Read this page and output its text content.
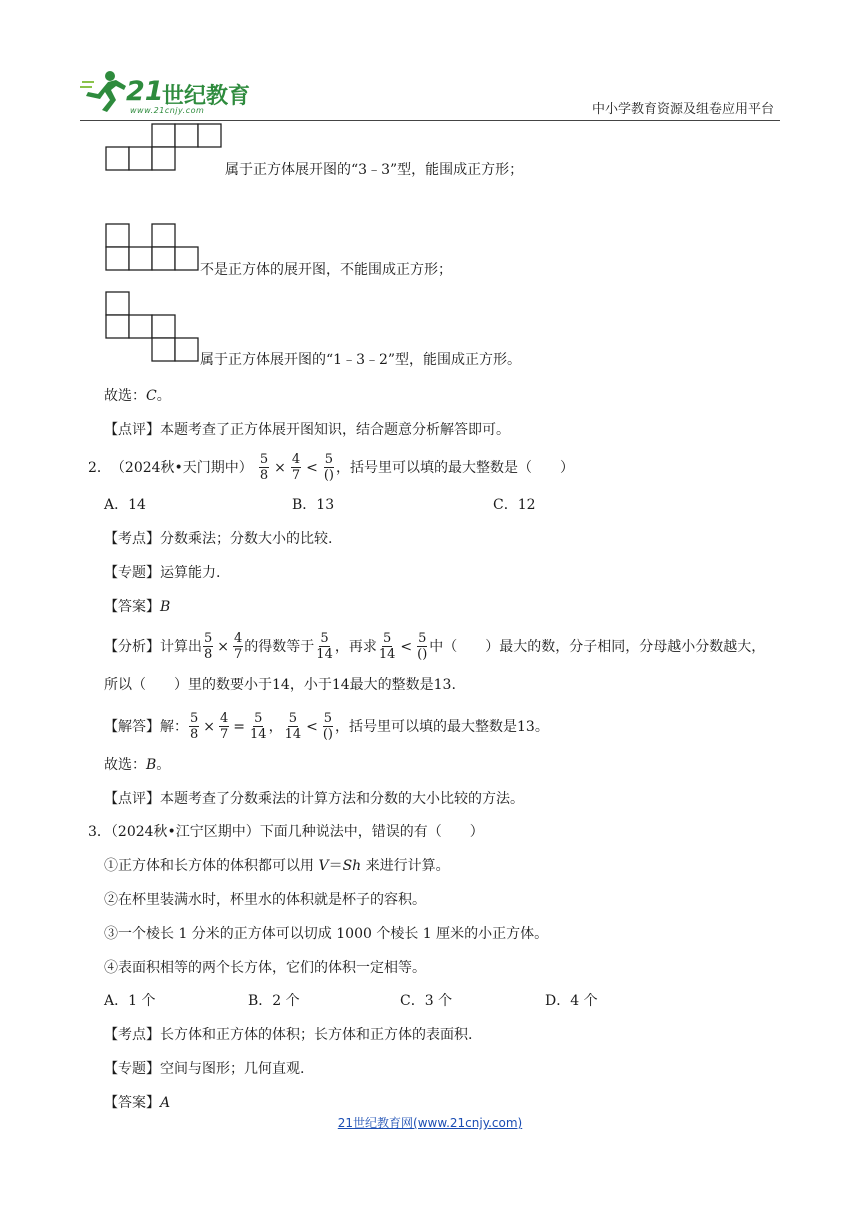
21
世纪教育
www.21cnjy.com	中小学教育资源及组卷应用平台
属于正方体展开图的“3﹣3”型，能围成正方形；
不是正方体的展开图，不能围成正方形；
属于正方体展开图的“1﹣3﹣2”型，能围成正方形。
故选：C。
【点评】本题考查了正方体展开图知识，结合题意分析解答即可。
2． （2024秋•天门期中） $\frac{5}{8} \times \frac{4}{7} < \frac{5}{()}$ ，括号里可以填的最大整数是（　　）
A．14	B．13	C．12
【考点】分数乘法；分数大小的比较.
【专题】运算能力.
【答案】B
【分析】计算出 $\frac{5}{8} \times \frac{4}{7}$ 的得数等于 $\frac{5}{14}$ ，再求 $\frac{5}{14} < \frac{5}{()}$ 中（　　）最大的数，分子相同，分母越小分数越大，
所以（　　）里的数要小于14，小于14最大的整数是13.
【解答】解： $\frac{5}{8} \times \frac{4}{7} = \frac{5}{14}$ ， $\frac{5}{14} < \frac{5}{()}$ ，括号里可以填的最大整数是13。
故选：B。
【点评】本题考查了分数乘法的计算方法和分数的大小比较的方法。
3．（2024秋•江宁区期中）下面几种说法中，错误的有（　　）
①正方体和长方体的体积都可以用 V＝Sh 来进行计算。
②在杯里装满水时，杯里水的体积就是杯子的容积。
③一个棱长 1 分米的正方体可以切成 1000 个棱长 1 厘米的小正方体。
④表面积相等的两个长方体，它们的体积一定相等。
A．1 个	B．2 个	C．3 个	D．4 个
【考点】长方体和正方体的体积；长方体和正方体的表面积.
【专题】空间与图形；几何直观.
【答案】A
21世纪教育网(www.21cnjy.com)
